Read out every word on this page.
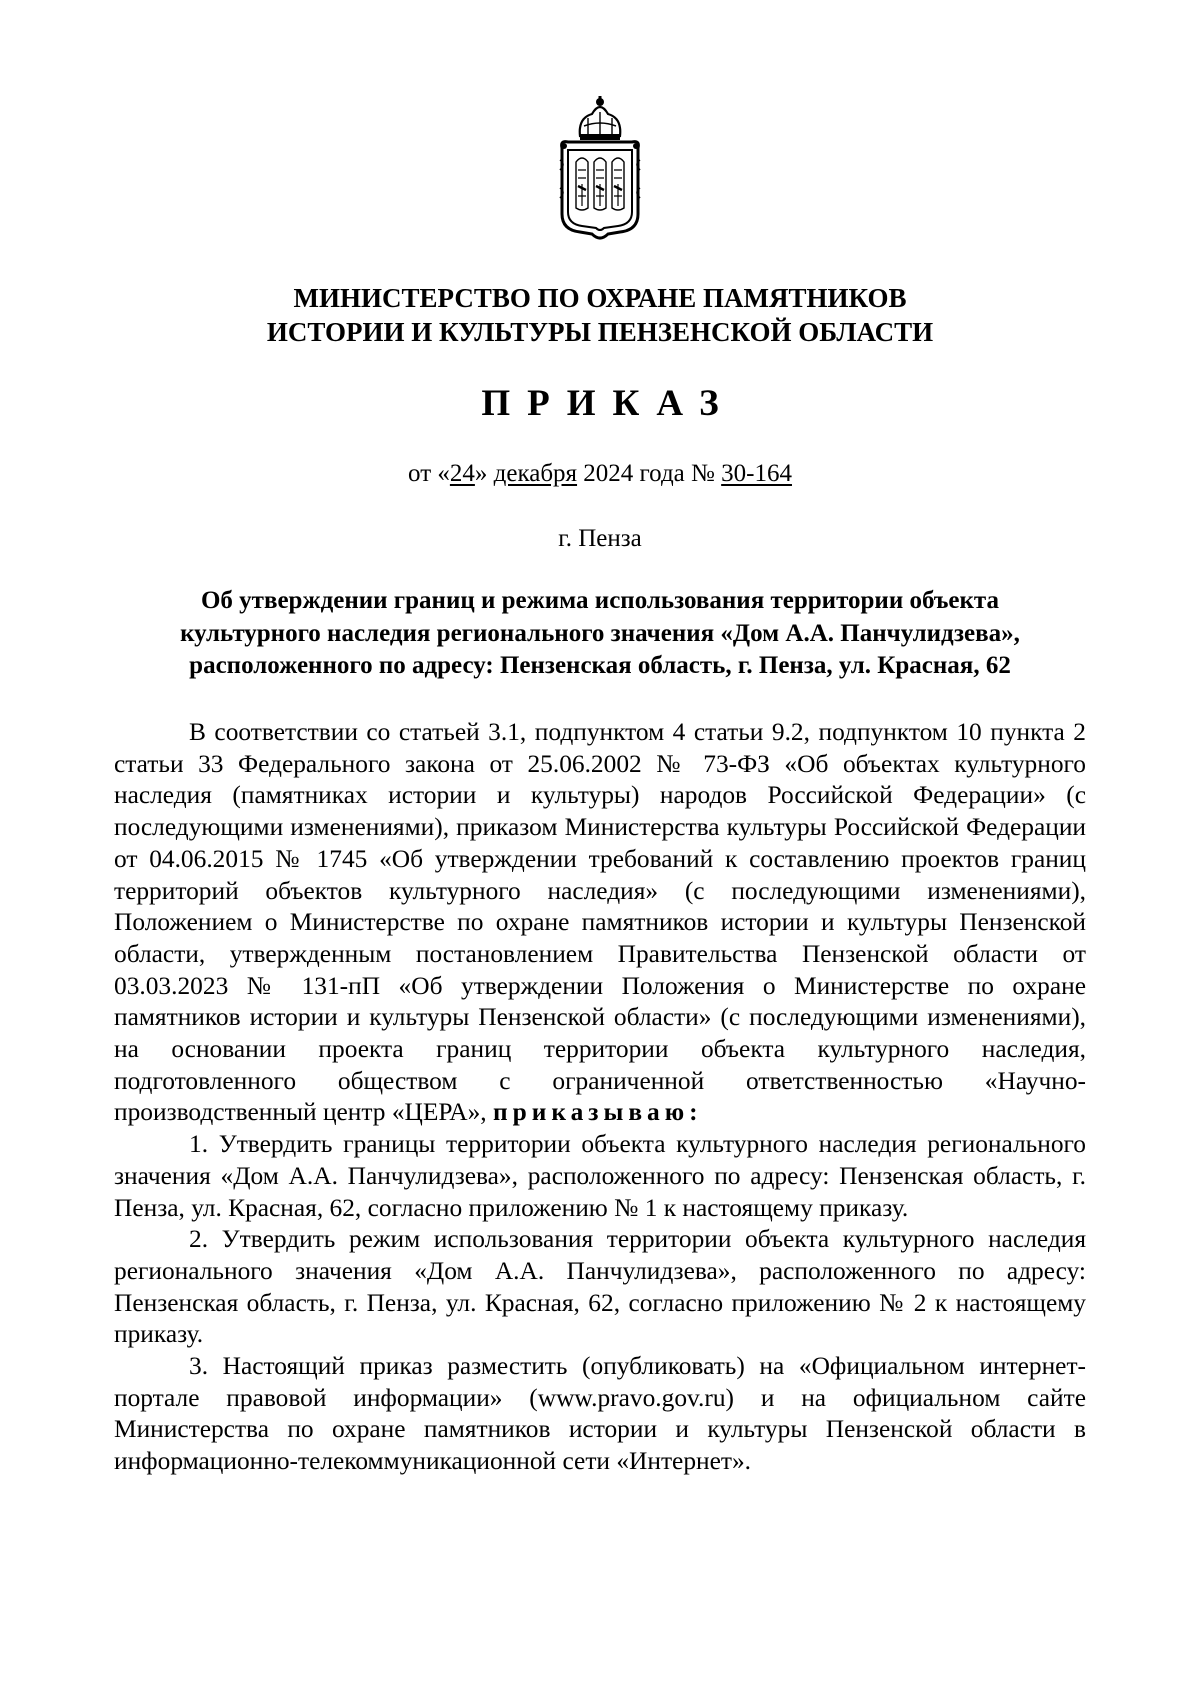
МИНИСТЕРСТВО ПО ОХРАНЕ ПАМЯТНИКОВ
ИСТОРИИ И КУЛЬТУРЫ ПЕНЗЕНСКОЙ ОБЛАСТИ
ПРИКАЗ
от «24» декабря 2024 года № 30-164
г. Пенза
Об утверждении границ и режима использования территории объекта
культурного наследия регионального значения «Дом А.А. Панчулидзева»,
расположенного по адресу: Пензенская область, г. Пенза, ул. Красная, 62

В соответствии со статьей 3.1, подпунктом 4 статьи 9.2, подпунктом 10 пункта 2 статьи 33 Федерального закона от 25.06.2002 № 73-ФЗ «Об объектах культурного наследия (памятниках истории и культуры) народов Российской Федерации» (с последующими изменениями), приказом Министерства культуры Российской Федерации от 04.06.2015 № 1745 «Об утверждении требований к составлению проектов границ территорий объектов культурного наследия» (с последующими изменениями), Положением о Министерстве по охране памятников истории и культуры Пензенской области, утвержденным постановлением Правительства Пензенской области от 03.03.2023 № 131-пП «Об утверждении Положения о Министерстве по охране памятников истории и культуры Пензенской области» (с последующими изменениями), на основании проекта границ территории объекта культурного наследия, подготовленного обществом с ограниченной ответственностью «Научно-производственный центр «ЦЕРА», приказываю:

1. Утвердить границы территории объекта культурного наследия регионального значения «Дом А.А. Панчулидзева», расположенного по адресу: Пензенская область, г. Пенза, ул. Красная, 62, согласно приложению № 1 к настоящему приказу.

2. Утвердить режим использования территории объекта культурного наследия регионального значения «Дом А.А. Панчулидзева», расположенного по адресу: Пензенская область, г. Пенза, ул. Красная, 62, согласно приложению № 2 к настоящему приказу.

3. Настоящий приказ разместить (опубликовать) на «Официальном интернет-портале правовой информации» (www.pravo.gov.ru) и на официальном сайте Министерства по охране памятников истории и культуры Пензенской области в информационно-телекоммуникационной сети «Интернет».
